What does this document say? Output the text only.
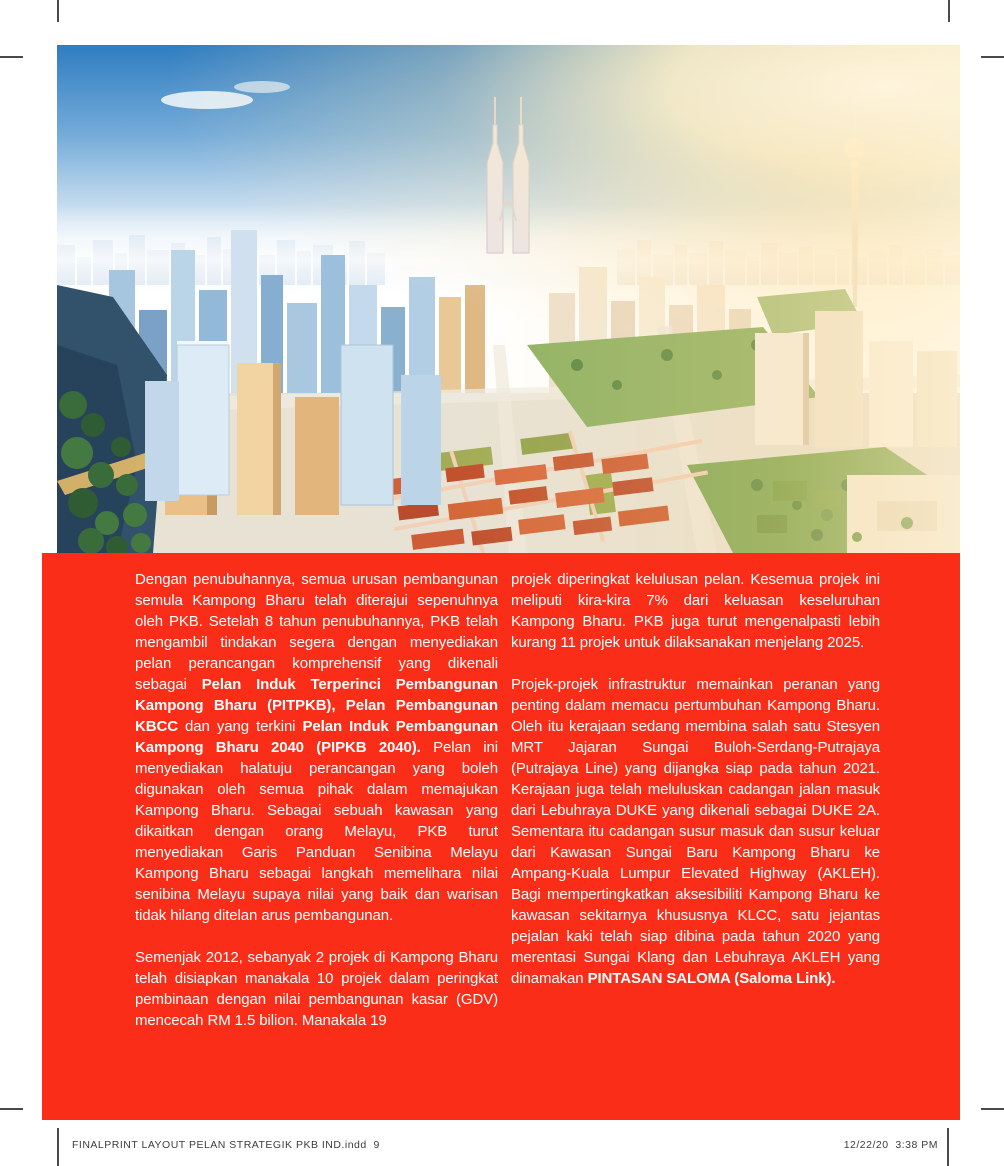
Dengan penubuhannya, semua urusan pembangunan semula Kampong Bharu telah diterajui sepenuhnya oleh PKB. Setelah 8 tahun penubuhannya, PKB telah mengambil tindakan segera dengan menyediakan pelan perancangan komprehensif yang dikenali sebagai Pelan Induk Terperinci Pembangunan Kampong Bharu (PITPKB), Pelan Pembangunan KBCC dan yang terkini Pelan Induk Pembangunan Kampong Bharu 2040 (PIPKB 2040). Pelan ini menyediakan halatuju perancangan yang boleh digunakan oleh semua pihak dalam memajukan Kampong Bharu. Sebagai sebuah kawasan yang dikaitkan dengan orang Melayu, PKB turut menyediakan Garis Panduan Senibina Melayu Kampong Bharu sebagai langkah memelihara nilai senibina Melayu supaya nilai yang baik dan warisan tidak hilang ditelan arus pembangunan.

Semenjak 2012, sebanyak 2 projek di Kampong Bharu telah disiapkan manakala 10 projek dalam peringkat pembinaan dengan nilai pembangunan kasar (GDV) mencecah RM 1.5 bilion. Manakala 19

projek diperingkat kelulusan pelan. Kesemua projek ini meliputi kira-kira 7% dari keluasan keseluruhan Kampong Bharu. PKB juga turut mengenalpasti lebih kurang 11 projek untuk dilaksanakan menjelang 2025.

Projek-projek infrastruktur memainkan peranan yang penting dalam memacu pertumbuhan Kampong Bharu. Oleh itu kerajaan sedang membina salah satu Stesyen MRT Jajaran Sungai Buloh-Serdang-Putrajaya (Putrajaya Line) yang dijangka siap pada tahun 2021. Kerajaan juga telah meluluskan cadangan jalan masuk dari Lebuhraya DUKE yang dikenali sebagai DUKE 2A. Sementara itu cadangan susur masuk dan susur keluar dari Kawasan Sungai Baru Kampong Bharu ke Ampang-Kuala Lumpur Elevated Highway (AKLEH). Bagi mempertingkatkan aksesibiliti Kampong Bharu ke kawasan sekitarnya khususnya KLCC, satu jejantas pejalan kaki telah siap dibina pada tahun 2020 yang merentasi Sungai Klang dan Lebuhraya AKLEH yang dinamakan PINTASAN SALOMA (Saloma Link).

FINALPRINT LAYOUT PELAN STRATEGIK PKB IND.indd  9	12/22/20  3:38 PM
